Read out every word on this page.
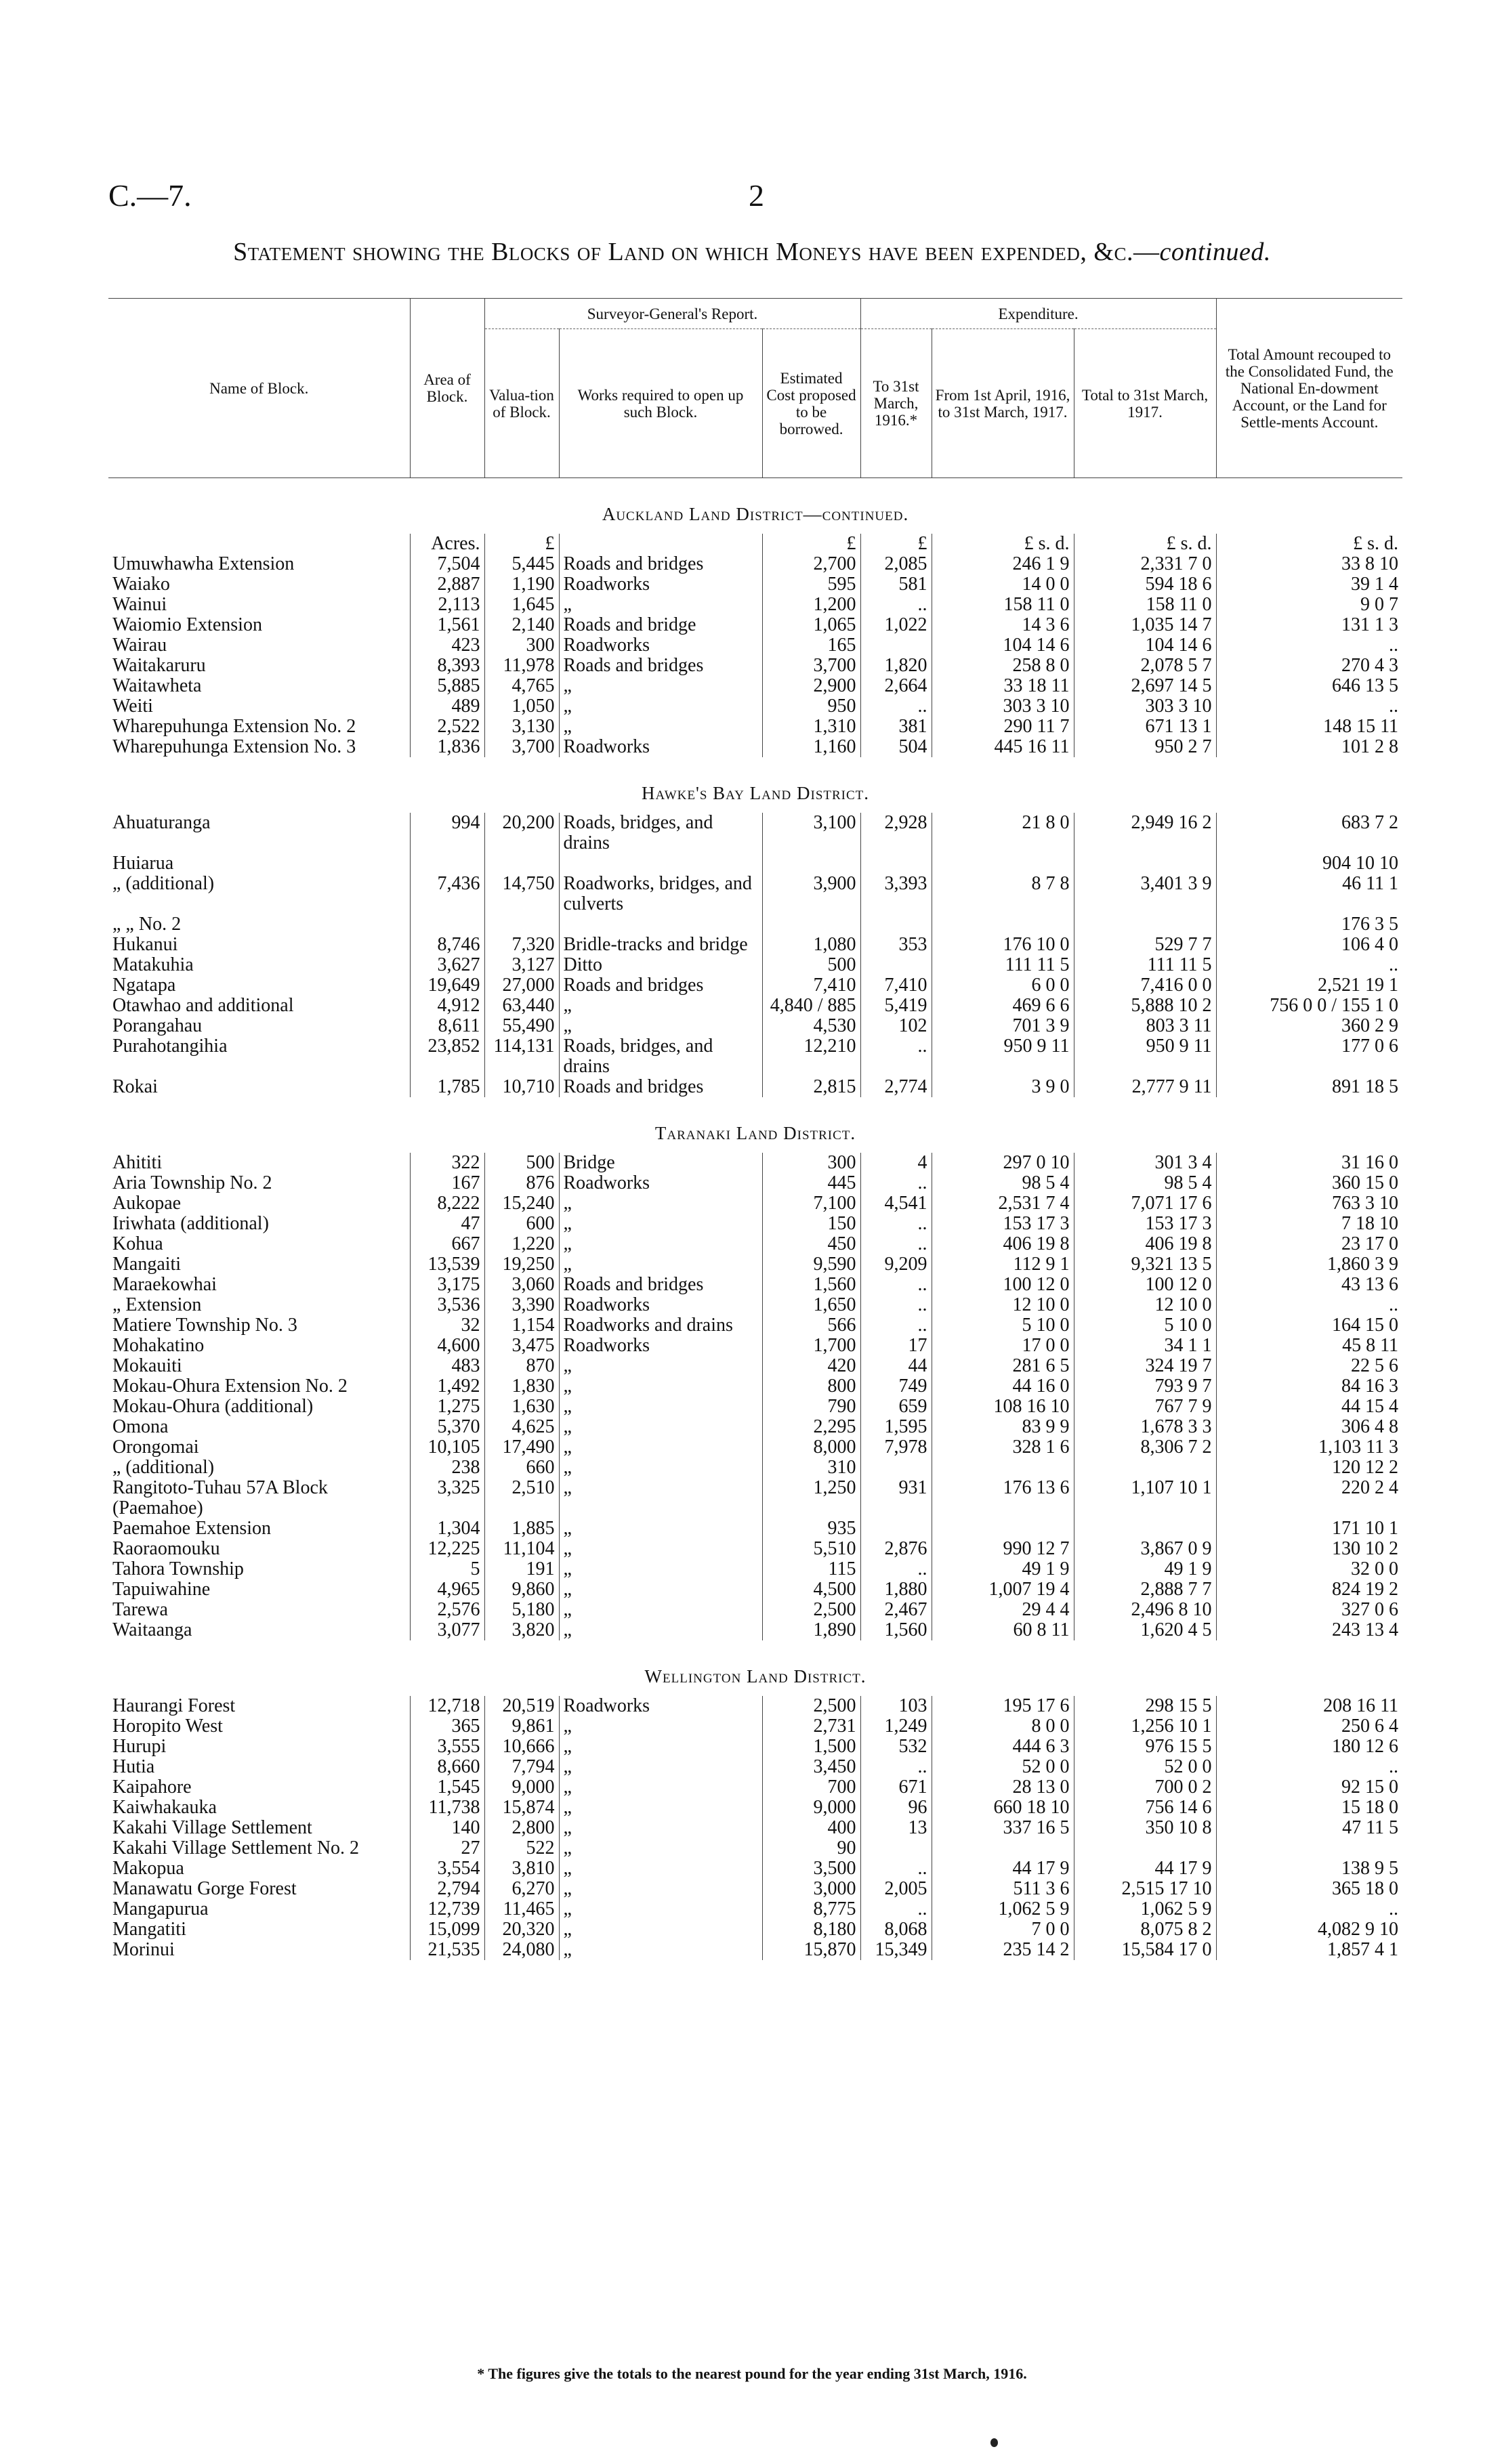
C.—7.	2
Statement showing the Blocks of Land on which Moneys have been expended, &c.—continued.
Name of Block.	Area of Block.	Surveyor-General's Report.			Expenditure.			Total Amount recouped to the Consolidated Fund, the National En-dowment Account, or the Land for Settle-ments Account.
		Valua-tion of Block.	Works required to open up such Block.	Estimated Cost proposed to be borrowed.	To 31st March, 1916.*	From 1st April, 1916, to 31st March, 1917.	Total to 31st March, 1917.	
Auckland Land District—continued.								
	Acres.	£		£	£	£ s. d.	£ s. d.	£ s. d.
Umuwhawha Extension	7,504	5,445	Roads and bridges	2,700	2,085	246 1 9	2,331 7 0	33 8 10
Waiako	2,887	1,190	Roadworks	595	581	14 0 0	594 18 6	39 1 4
Wainui	2,113	1,645	„	1,200	..	158 11 0	158 11 0	9 0 7
Waiomio Extension	1,561	2,140	Roads and bridge	1,065	1,022	14 3 6	1,035 14 7	131 1 3
Wairau	423	300	Roadworks	165		104 14 6	104 14 6	..
Waitakaruru	8,393	11,978	Roads and bridges	3,700	1,820	258 8 0	2,078 5 7	270 4 3
Waitawheta	5,885	4,765	„	2,900	2,664	33 18 11	2,697 14 5	646 13 5
Weiti	489	1,050	„	950	..	303 3 10	303 3 10	..
Wharepuhunga Extension No. 2	2,522	3,130	„	1,310	381	290 11 7	671 13 1	148 15 11
Wharepuhunga Extension No. 3	1,836	3,700	Roadworks	1,160	504	445 16 11	950 2 7	101 2 8
Hawke's Bay Land District.								
Ahuaturanga	994	20,200	Roads, bridges, and drains	3,100	2,928	21 8 0	2,949 16 2	683 7 2
Huiarua								904 10 10
„ (additional)	7,436	14,750	Roadworks, bridges, and culverts	3,900	3,393	8 7 8	3,401 3 9	46 11 1
„ „ No. 2								176 3 5
Hukanui	8,746	7,320	Bridle-tracks and bridge	1,080	353	176 10 0	529 7 7	106 4 0
Matakuhia	3,627	3,127	Ditto	500		111 11 5	111 11 5	..
Ngatapa	19,649	27,000	Roads and bridges	7,410	7,410	6 0 0	7,416 0 0	2,521 19 1
Otawhao and additional	4,912	63,440	„	4,840 / 885	5,419	469 6 6	5,888 10 2	756 0 0 / 155 1 0
Porangahau	8,611	55,490	„	4,530	102	701 3 9	803 3 11	360 2 9
Purahotangihia	23,852	114,131	Roads, bridges, and drains	12,210	..	950 9 11	950 9 11	177 0 6
Rokai	1,785	10,710	Roads and bridges	2,815	2,774	3 9 0	2,777 9 11	891 18 5
Taranaki Land District.								
Ahititi	322	500	Bridge	300	4	297 0 10	301 3 4	31 16 0
Aria Township No. 2	167	876	Roadworks	445	..	98 5 4	98 5 4	360 15 0
Aukopae	8,222	15,240	„	7,100	4,541	2,531 7 4	7,071 17 6	763 3 10
Iriwhata (additional)	47	600	„	150	..	153 17 3	153 17 3	7 18 10
Kohua	667	1,220	„	450	..	406 19 8	406 19 8	23 17 0
Mangaiti	13,539	19,250	„	9,590	9,209	112 9 1	9,321 13 5	1,860 3 9
Maraekowhai	3,175	3,060	Roads and bridges	1,560	..	100 12 0	100 12 0	43 13 6
„ Extension	3,536	3,390	Roadworks	1,650	..	12 10 0	12 10 0	..
Matiere Township No. 3	32	1,154	Roadworks and drains	566	..	5 10 0	5 10 0	164 15 0
Mohakatino	4,600	3,475	Roadworks	1,700	17	17 0 0	34 1 1	45 8 11
Mokauiti	483	870	„	420	44	281 6 5	324 19 7	22 5 6
Mokau-Ohura Extension No. 2	1,492	1,830	„	800	749	44 16 0	793 9 7	84 16 3
Mokau-Ohura (additional)	1,275	1,630	„	790	659	108 16 10	767 7 9	44 15 4
Omona	5,370	4,625	„	2,295	1,595	83 9 9	1,678 3 3	306 4 8
Orongomai	10,105	17,490	„	8,000	7,978	328 1 6	8,306 7 2	1,103 11 3
„ (additional)	238	660	„	310				120 12 2
Rangitoto-Tuhau 57A Block (Paemahoe)	3,325	2,510	„	1,250	931	176 13 6	1,107 10 1	220 2 4
Paemahoe Extension	1,304	1,885	„	935				171 10 1
Raoraomouku	12,225	11,104	„	5,510	2,876	990 12 7	3,867 0 9	130 10 2
Tahora Township	5	191	„	115	..	49 1 9	49 1 9	32 0 0
Tapuiwahine	4,965	9,860	„	4,500	1,880	1,007 19 4	2,888 7 7	824 19 2
Tarewa	2,576	5,180	„	2,500	2,467	29 4 4	2,496 8 10	327 0 6
Waitaanga	3,077	3,820	„	1,890	1,560	60 8 11	1,620 4 5	243 13 4
Wellington Land District.								
Haurangi Forest	12,718	20,519	Roadworks	2,500	103	195 17 6	298 15 5	208 16 11
Horopito West	365	9,861	„	2,731	1,249	8 0 0	1,256 10 1	250 6 4
Hurupi	3,555	10,666	„	1,500	532	444 6 3	976 15 5	180 12 6
Hutia	8,660	7,794	„	3,450	..	52 0 0	52 0 0	..
Kaipahore	1,545	9,000	„	700	671	28 13 0	700 0 2	92 15 0
Kaiwhakauka	11,738	15,874	„	9,000	96	660 18 10	756 14 6	15 18 0
Kakahi Village Settlement	140	2,800	„	400	13	337 16 5	350 10 8	47 11 5
Kakahi Village Settlement No. 2	27	522	„	90				
Makopua	3,554	3,810	„	3,500	..	44 17 9	44 17 9	138 9 5
Manawatu Gorge Forest	2,794	6,270	„	3,000	2,005	511 3 6	2,515 17 10	365 18 0
Mangapurua	12,739	11,465	„	8,775	..	1,062 5 9	1,062 5 9	..
Mangatiti	15,099	20,320	„	8,180	8,068	7 0 0	8,075 8 2	4,082 9 10
Morinui	21,535	24,080	„	15,870	15,349	235 14 2	15,584 17 0	1,857 4 1
* The figures give the totals to the nearest pound for the year ending 31st March, 1916.
